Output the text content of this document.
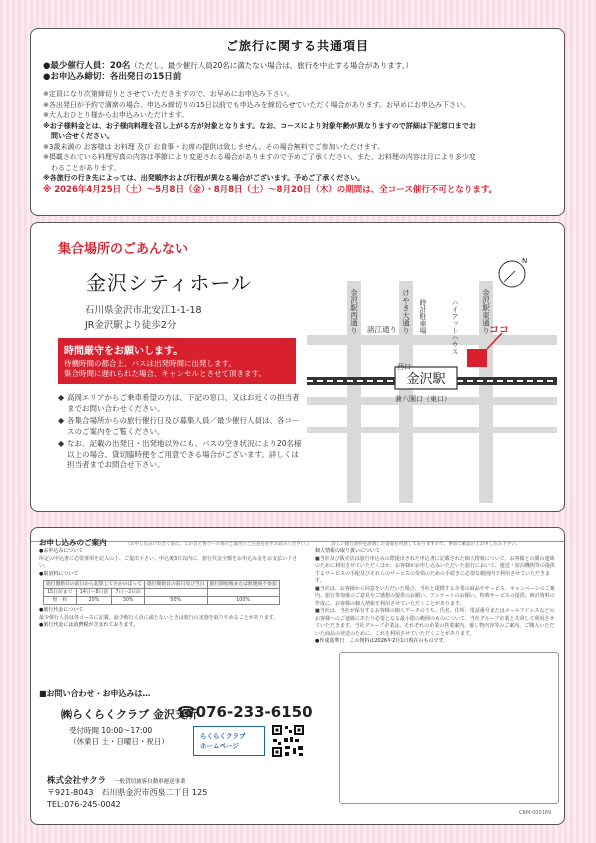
ご旅行に関する共通項目
●最少催行人員：20名（ただし、最少催行人員20名に満たない場合は、旅行を中止する場合があります。）
●お申込み締切：各出発日の15日前
※定員になり次第締切りとさせていただきますので、お早めにお申込み下さい。
※各出発日が予約で満席の場合、申込み締切りの15日以前でも申込みを締切らせていただく場合があります。お早めにお申込み下さい。
※大人おひとり様からお申込みいただけます。
※お子様料金とは、お子様向料理を召し上がる方が対象となります。なお、コースにより対象年齢が異なりますので詳細は下記窓口までお
問い合せください。
※3歳未満の お客様は お料理 及び お食事・お席の提供は致しません。その場合無料でご参加いただけます。
※掲載されている料理写真の内容は季節により変更される場合がありますので予めご了承ください。また、お料理の内容は月により多少変
わることがあります。
※各旅行の行き先によっては、出発順序および行程が異なる場合がございます。予めご了承ください。
※ 2026年4月25日（土）～5月8日（金）・8月8日（土）～8月20日（木）の期間は、全コース催行不可となります。
集合場所のごあんない
金沢シティホール
石川県金沢市北安江1-1-18
JR金沢駅より徒歩2分
時間厳守をお願いします。
待機時間の都合上、バスは出発時間に出発します。
集合時間に遅れられた場合、キャンセルとさせて頂きます。
◆ 高岡エリアからご乗車希望の方は、下記の窓口、又はお近くの担当者までお問い合わせください。
◆ 各集合場所からの旅行催行日及び募集人員／最少催行人員は、各コースのご案内をご覧ください。
◆ なお、記載の出発日・出発地以外にも、バスの空き状況により20名様以上の場合、貸切臨時便をご用意できる場合がございます。詳しくは担当者までお問合せ下さい。
金沢駅
金沢駅西通り	けやき大通り	金沢駅東通り
諸江通り	時計駐車場	ハイアットハウス	ココ
西口
兼六園口（東口）
N
お申し込みのご案内	（お申し込みいただく前に、この頁と各コース毎のご案内とご注意を必ずお読みください。）	詳しい旅行条件を説明した書面を用意してありますので、事前に確認の上お申し込み下さい。
●お申込みについて
所定の申込書に必要事項を記入の上、ご提出下さい。申込後3日以内に、旅行代金全額をお申込み金をお支払い下さい。
●取消料について
旅行開始日の前日から起算してさかのぼって			旅行開始日の前日及び当日	旅行開始後または無連絡不参加
15日前まで	14日〜8日前	7日〜2日前		
無　料	20%	30%	50%	100%
●旅行代金について
最少催行人員は各コースに記載。最少催行人員に満たないときは旅行の実施を取りやめることがあります。
●旅行代金には消費税が含まれております。
個人情報の取り扱いについて
■当社及び販売店は旅行申込みの際提出された申込書に記載された個人情報について、お客様との間の連絡のために利用させていただくほか、お客様がお申し込みいただいた旅行において、運送・宿泊機関等の提供するサービスの手配及びそれらのサービスの受領のための手続きに必要な範囲内で利用させていただきます。
■当社は、お客様から同意をいただいた場合、当社と提携する企業の商品やサービス、キャンペーンのご案内、旅行参加後のご意見やご感想の提供のお願い、アンケートのお願い、特典サービスの提供、統計資料の作成に、お客様の個人情報を利用させていただくことがあります。
■当社は、当社が保有するお客様の個人データのうち、氏名、住所、電話番号またはメールアドレスなどのお客様へのご連絡にあたり必要となる最小限の範囲のものについて、当社グループ企業と共同して利用させていただきます。当社グループ企業は、それぞれの企業の営業案内、催し物内容等のご案内、ご購入いただいた商品の発送のために、これを利用させていただくことがあります。
●作成基準日　この資料は2026年2月1日現在のものです。
■お問い合わせ・お申込みは…
㈱らくらくクラブ 金沢支所
☎076-233-6150
受付時間 10:00〜17:00
（休業日 土・日曜日・祝日）
らくらくクラブ
ホームページ
株式会社サクラ 一般貸切旅客自動車運送事業
〒921-8043　石川県金沢市西泉二丁目 125
TEL:076-245-0042
CRM-000189
